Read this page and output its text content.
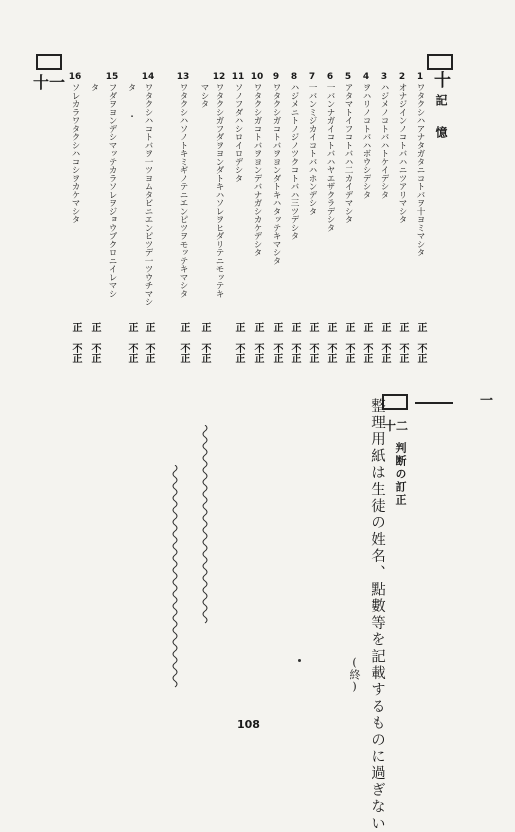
十
記 憶
1
ワタクシハアナタガタニコトバヲ十ヨミマシタ
正 不正
2
オナジインノコトバハニツアリマシタ
正 不正
3
ハジメノコトバハトケイデシタ
正 不正
4
ヲハリノコトバハボウシデシタ
正 不正
5
アタマトイフコトバハ二カイデマシタ
正 不正
6
一バンナガイコトバハヤエザクラデシタ
正 不正
7
一バンミジカイコトバハホンデシタ
正 不正
8
ハジメニトノジノツクコトバハ三ツデシタ
正 不正
9
ワタクシガコトバヲヨンダトキハタッテキマシタ
正 不正
10
ワタクシガコトバヲヨンデバナガシカケデシタ
正 不正
11
ソノフダハシロイロデシタ
正 不正
12
ワタクシガフダヲヨンダトキハソレヲヒダリテニモッテキ
マシタ
正 不正
13
ワタクシハソノトキミギノテニエンピツヲモッテキマシタ
正 不正
14
ワタクシハコトバヲ一ツヨムタビニエンピツデ一ツウチマシ
正 不正
タ
・
正 不正
15
フダヲヨンデシマッテカラソレヲジョウブクロニイレマシ
タ
正 不正
16
ソレカラワタクシハコシヲカケマシタ
正 不正
十一
一
十二
判断の訂正
整理用紙は生徒の姓名、點數等を記載するものに過ぎない
(終)
108
